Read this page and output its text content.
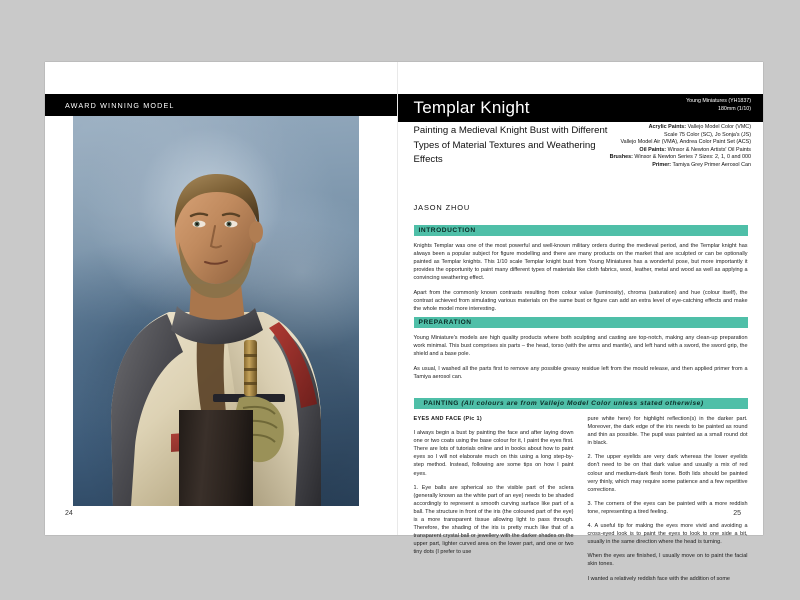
AWARD WINNING MODEL
24
Templar Knight	Young Miniatures (YH1837)
180mm (1/10)
Painting a Medieval Knight Bust with Different Types of Material Textures and Weathering Effects
Acrylic Paints: Vallejo Model Color (VMC)
Scale 75 Color (SC), Jo Sonja's (JS)
Vallejo Model Air (VMA), Andrea Color Paint Set (ACS)
Oil Paints: Winsor & Newton Artists' Oil Paints
Brushes: Winsor & Newton Series 7 Sizes: 2, 1, 0 and 000
Primer: Tamiya Grey Primer Aerosol Can
JASON ZHOU
INTRODUCTION

Knights Templar was one of the most powerful and well-known military orders during the medieval period, and the Templar knight has always been a popular subject for figure modelling and there are many products on the market that are sculpted or can be optionally painted as Templar knights. This 1/10 scale Templar knight bust from Young Miniatures has a wonderful pose, but more importantly it provides the opportunity to paint many different types of materials like cloth fabrics, wool, leather, metal and wood as well as applying a convincing weathering effect.

Apart from the commonly known contrasts resulting from colour value (luminosity), chroma (saturation) and hue (colour itself), the contrast achieved from simulating various materials on the same bust or figure can add an extra level of eye-catching effects and make the whole model more interesting.

PREPARATION

Young Miniature's models are high quality products where both sculpting and casting are top-notch, making any clean-up preparation work minimal. This bust comprises six parts – the head, torso (with the arms and mantle), and left hand with a sword, the sword grip, the shield and a base pole.

As usual, I washed all the parts first to remove any possible greasy residue left from the mould release, and then applied primer from a Tamiya aerosol can.

PAINTING (All colours are from Vallejo Model Color unless stated otherwise)

EYES AND FACE (Pic 1)

I always begin a bust by painting the face and after laying down one or two coats using the base colour for it, I paint the eyes first. There are lots of tutorials online and in books about how to paint eyes so I will not elaborate much on this using a long step-by-step method. Instead, following are some tips on how I paint eyes.

1. Eye balls are spherical so the visible part of the sclera (generally known as the white part of an eye) needs to be shaded accordingly to represent a smooth curving surface like part of a ball. The structure in front of the iris (the coloured part of the eye) is a more transparent tissue allowing light to pass through. Therefore, the shading of the iris is pretty much like that of a transparent crystal ball or jewellery with the darker shades on the upper part, lighter curved area on the lower part, and one or two tiny dots (I prefer to use

pure white here) for highlight reflection(s) in the darker part. Moreover, the dark edge of the iris needs to be painted as round and thin as possible. The pupil was painted as a small round dot in black.

2. The upper eyelids are very dark whereas the lower eyelids don't need to be on that dark value and usually a mix of red colour and medium-dark flesh tone. Both lids should be painted very thinly, which may require some patience and a few repetitive corrections.

3. The corners of the eyes can be painted with a more reddish tone, representing a tired feeling.

4. A useful tip for making the eyes more vivid and avoiding a cross-eyed look is to paint the eyes to look to one side a bit, usually in the same direction where the head is turning.

When the eyes are finished, I usually move on to paint the facial skin tones.

I wanted a relatively reddish face with the addition of some

25
